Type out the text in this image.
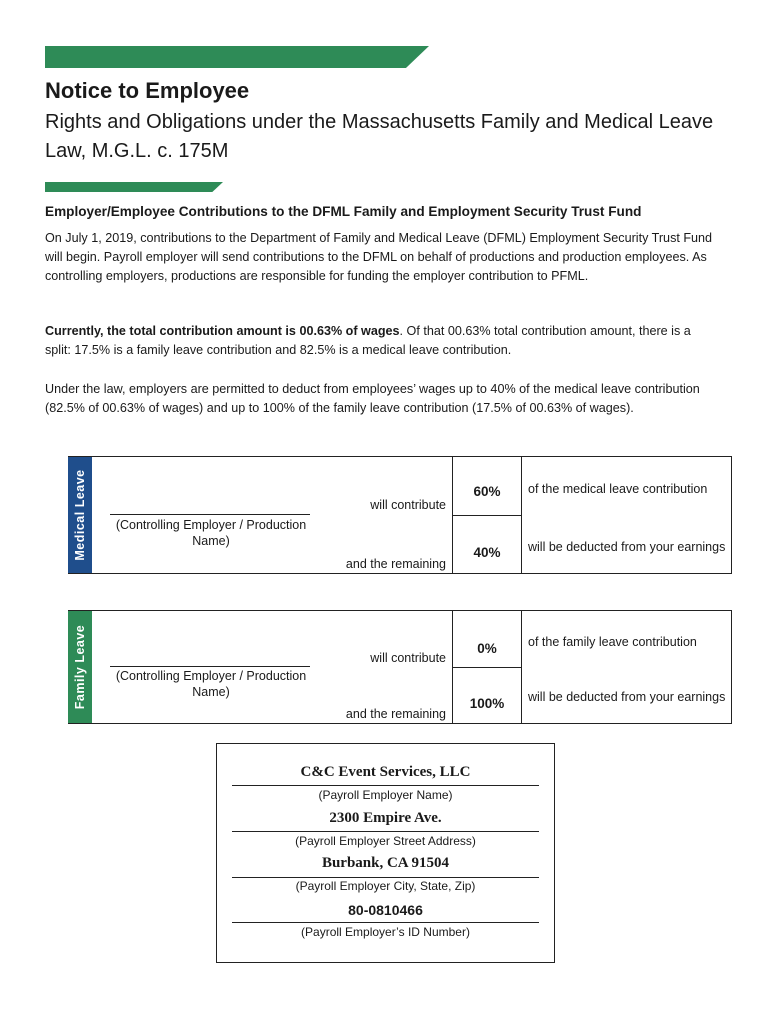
Notice to Employee
Rights and Obligations under the Massachusetts Family and Medical Leave Law, M.G.L. c. 175M
Employer/Employee Contributions to the DFML Family and Employment Security Trust Fund

On July 1, 2019, contributions to the Department of Family and Medical Leave (DFML) Employment Security Trust Fund will begin. Payroll employer will send contributions to the DFML on behalf of productions and production employees. As controlling employers, productions are responsible for funding the employer contribution to PFML.

Currently, the total contribution amount is 00.63% of wages. Of that 00.63% total contribution amount, there is a split: 17.5% is a family leave contribution and 82.5% is a medical leave contribution.

Under the law, employers are permitted to deduct from employees’ wages up to 40% of the medical leave contribution (82.5% of 00.63% of wages) and up to 100% of the family leave contribution (17.5% of 00.63% of wages).

Medical Leave	(Controlling Employer / Production Name)
will contribute
and the remaining
60%
40%
of the medical leave contribution
will be deducted from your earnings
Family Leave	(Controlling Employer / Production Name)
will contribute
and the remaining
0%
100%
of the family leave contribution
will be deducted from your earnings
C&C Event Services, LLC
(Payroll Employer Name)
2300 Empire Ave.
(Payroll Employer Street Address)
Burbank, CA 91504
(Payroll Employer City, State, Zip)
80-0810466
(Payroll Employer’s ID Number)
